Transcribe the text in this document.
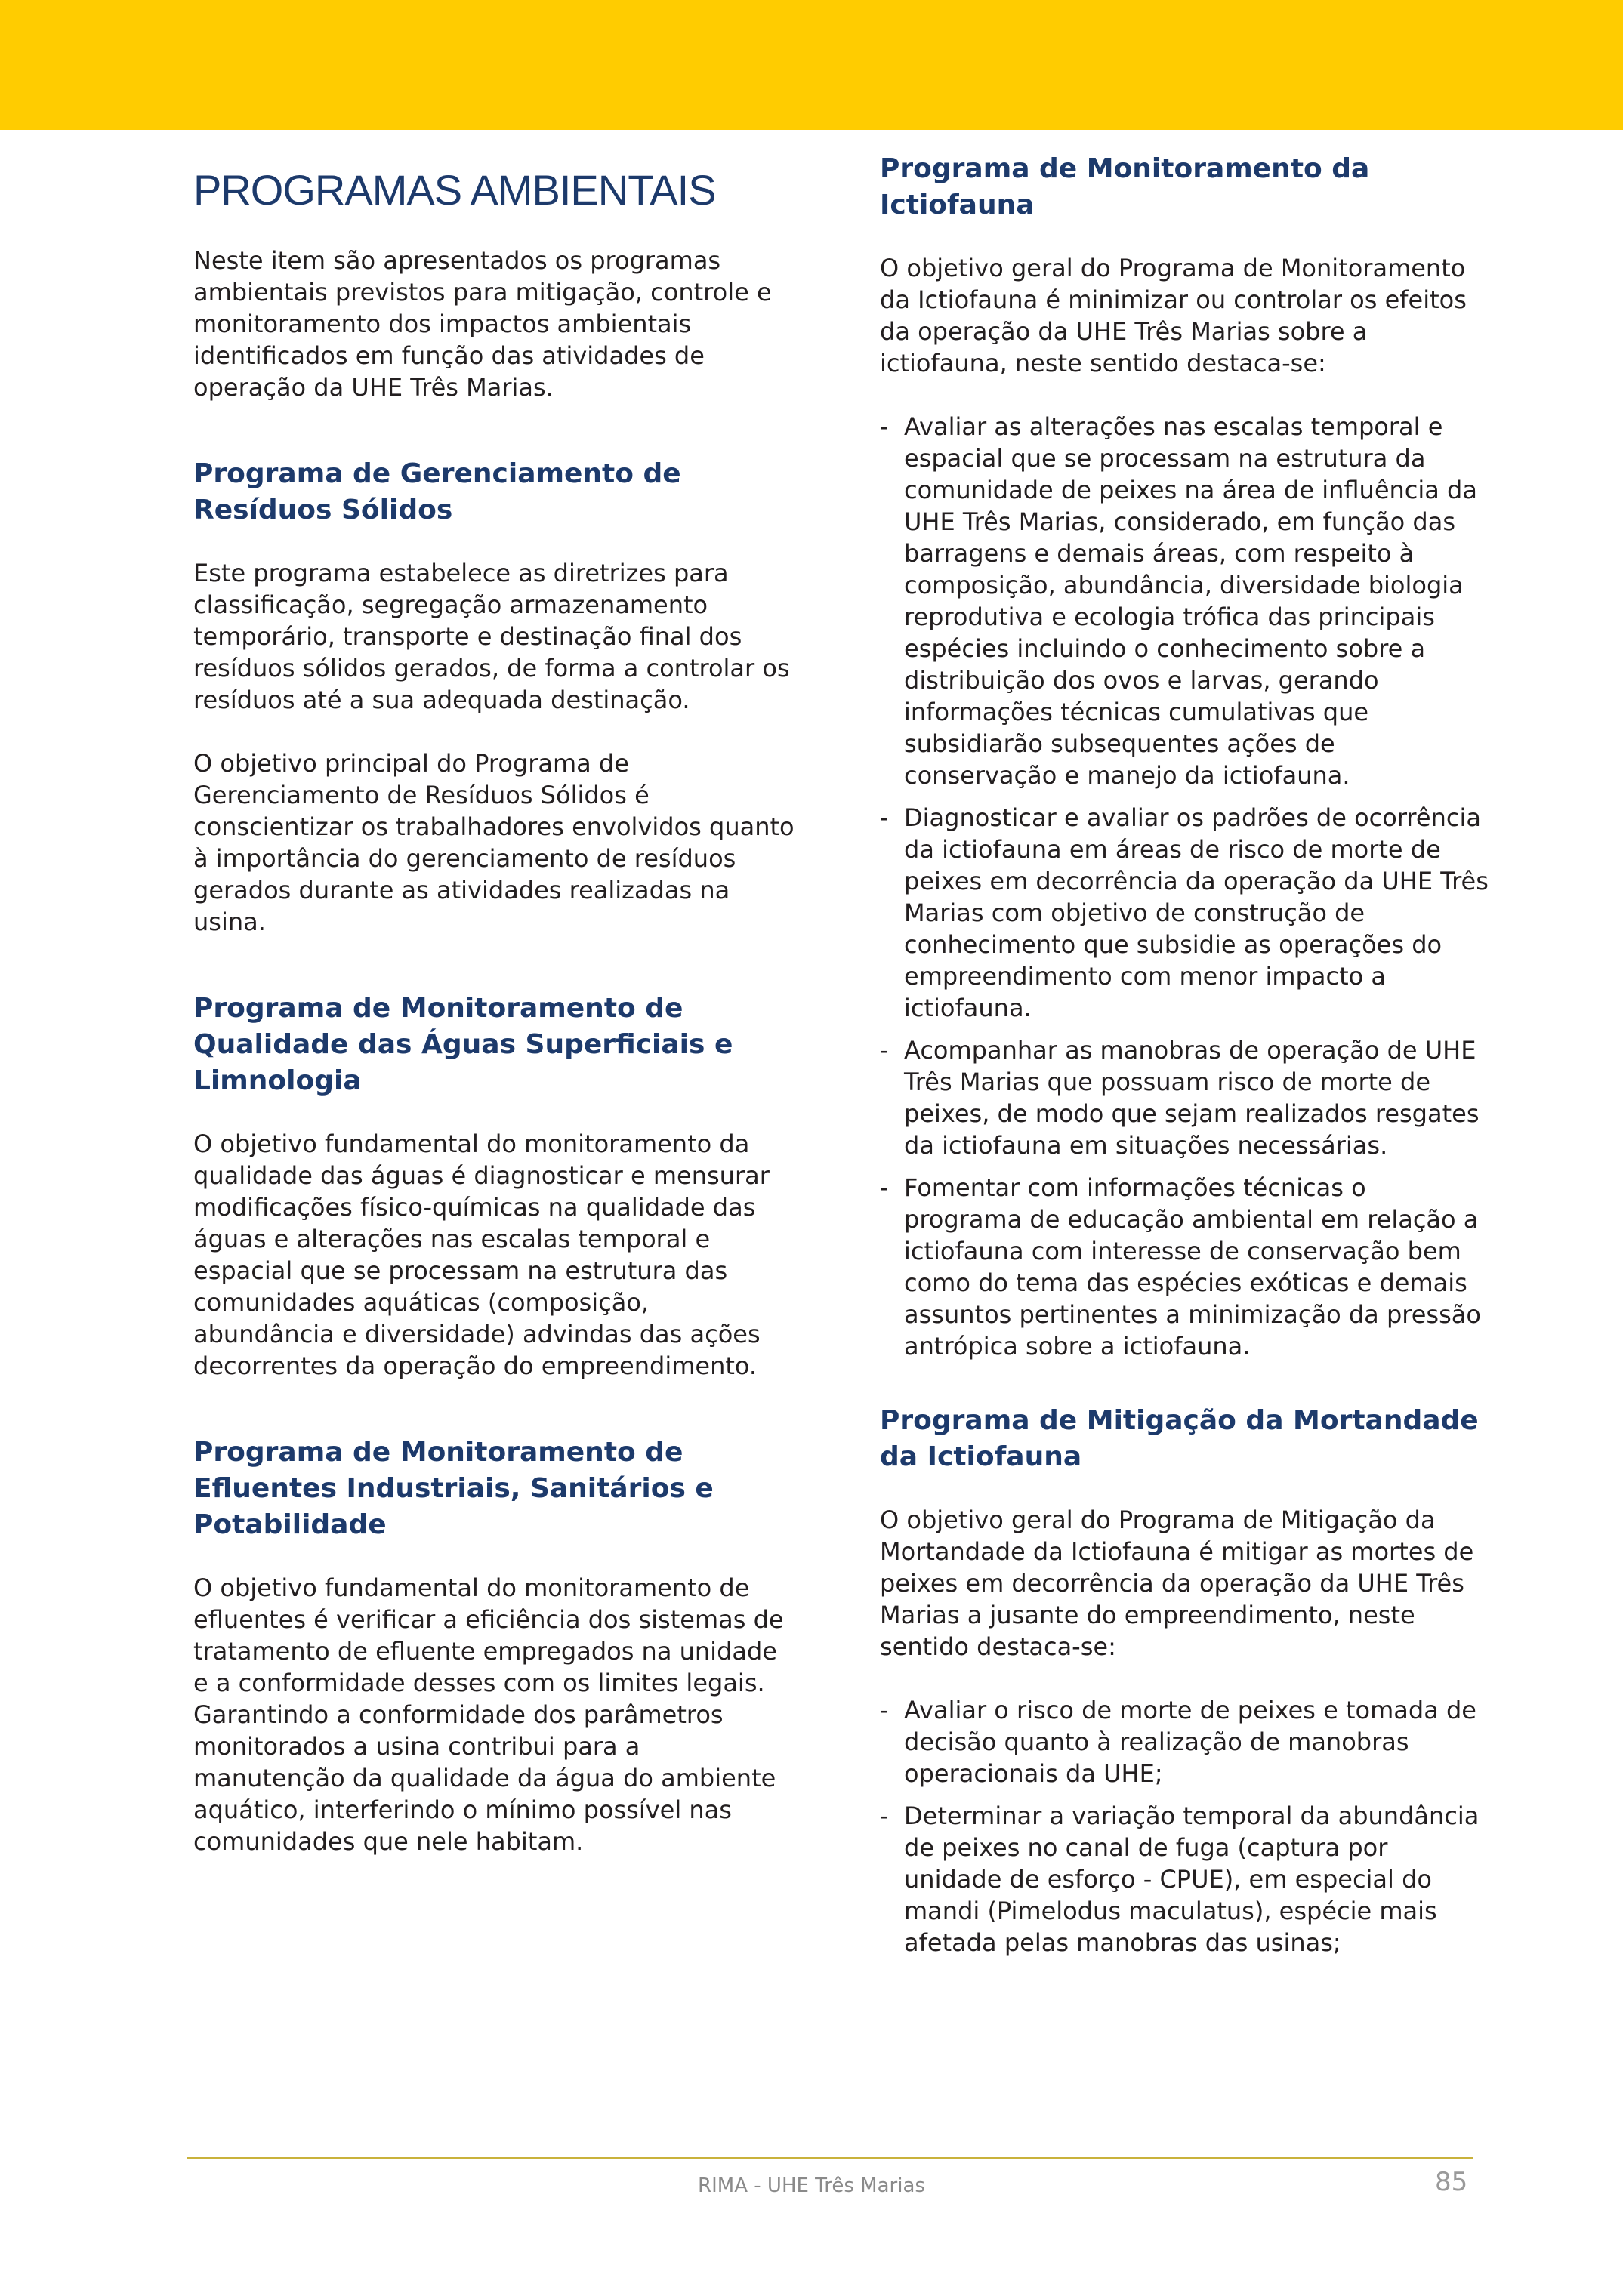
PROGRAMAS AMBIENTAIS

Neste item são apresentados os programas ambientais previstos para mitigação, controle e monitoramento dos impactos ambientais identificados em função das atividades de operação da UHE Três Marias.

Programa de Gerenciamento de Resíduos Sólidos

Este programa estabelece as diretrizes para classificação, segregação armazenamento temporário, transporte e destinação final dos resíduos sólidos gerados, de forma a controlar os resíduos até a sua adequada destinação.

O objetivo principal do Programa de Gerenciamento de Resíduos Sólidos é conscientizar os trabalhadores envolvidos quanto à importância do gerenciamento de resíduos gerados durante as atividades realizadas na usina.

Programa de Monitoramento de Qualidade das Águas Superficiais e Limnologia

O objetivo fundamental do monitoramento da qualidade das águas é diagnosticar e mensurar modificações físico-químicas na qualidade das águas e alterações nas escalas temporal e espacial que se processam na estrutura das comunidades aquáticas (composição, abundância e diversidade) advindas das ações decorrentes da operação do empreendimento.

Programa de Monitoramento de Efluentes Industriais, Sanitários e Potabilidade

O objetivo fundamental do monitoramento de efluentes é verificar a eficiência dos sistemas de tratamento de efluente empregados na unidade e a conformidade desses com os limites legais. Garantindo a conformidade dos parâmetros monitorados a usina contribui para a manutenção da qualidade da água do ambiente aquático, interferindo o mínimo possível nas comunidades que nele habitam.

Programa de Monitoramento da Ictiofauna

O objetivo geral do Programa de Monitoramento da Ictiofauna é minimizar ou controlar os efeitos da operação da UHE Três Marias sobre a ictiofauna, neste sentido destaca-se:

- Avaliar as alterações nas escalas temporal e espacial que se processam na estrutura da comunidade de peixes na área de influência da UHE Três Marias, considerado, em função das barragens e demais áreas, com respeito à composição, abundância, diversidade biologia reprodutiva e ecologia trófica das principais espécies incluindo o conhecimento sobre a distribuição dos ovos e larvas, gerando informações técnicas cumulativas que subsidiarão subsequentes ações de conservação e manejo da ictiofauna.
- Diagnosticar e avaliar os padrões de ocorrência da ictiofauna em áreas de risco de morte de peixes em decorrência da operação da UHE Três Marias com objetivo de construção de conhecimento que subsidie as operações do empreendimento com menor impacto a ictiofauna.
- Acompanhar as manobras de operação de UHE Três Marias que possuam risco de morte de peixes, de modo que sejam realizados resgates da ictiofauna em situações necessárias.
- Fomentar com informações técnicas o programa de educação ambiental em relação a ictiofauna com interesse de conservação bem como do tema das espécies exóticas e demais assuntos pertinentes a minimização da pressão antrópica sobre a ictiofauna.
Programa de Mitigação da Mortandade da Ictiofauna

O objetivo geral do Programa de Mitigação da Mortandade da Ictiofauna é mitigar as mortes de peixes em decorrência da operação da UHE Três Marias a jusante do empreendimento, neste sentido destaca-se:

- Avaliar o risco de morte de peixes e tomada de decisão quanto à realização de manobras operacionais da UHE;
- Determinar a variação temporal da abundância de peixes no canal de fuga (captura por unidade de esforço - CPUE), em especial do mandi (Pimelodus maculatus), espécie mais afetada pelas manobras das usinas;
RIMA - UHE Três Marias	85
